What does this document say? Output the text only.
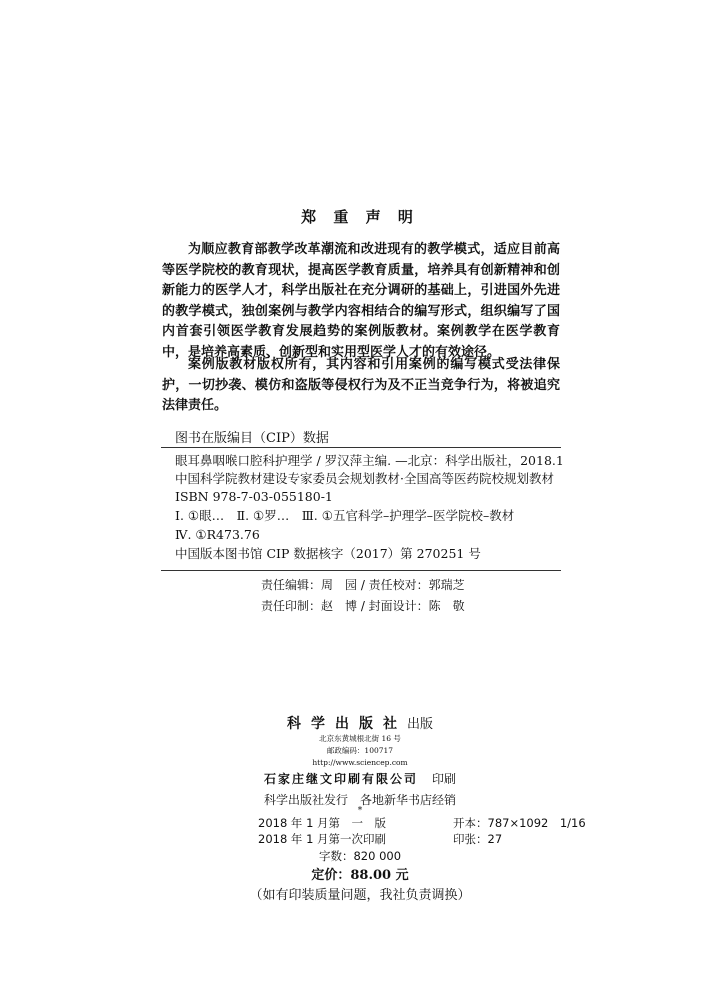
郑 重 声 明
为顺应教育部教学改革潮流和改进现有的教学模式，适应目前高等医学院校的教育现状，提高医学教育质量，培养具有创新精神和创新能力的医学人才，科学出版社在充分调研的基础上，引进国外先进的教学模式，独创案例与教学内容相结合的编写形式，组织编写了国内首套引领医学教育发展趋势的案例版教材。案例教学在医学教育中，是培养高素质、创新型和实用型医学人才的有效途径。
案例版教材版权所有，其内容和引用案例的编写模式受法律保护，一切抄袭、模仿和盗版等侵权行为及不正当竞争行为，将被追究法律责任。
图书在版编目（CIP）数据
眼耳鼻咽喉口腔科护理学 / 罗汉萍主编. —北京：科学出版社，2018.1
中国科学院教材建设专家委员会规划教材·全国高等医药院校规划教材
ISBN 978-7-03-055180-1
Ⅰ. ①眼…　Ⅱ. ①罗…　Ⅲ. ①五官科学–护理学–医学院校–教材
Ⅳ. ①R473.76
中国版本图书馆 CIP 数据核字（2017）第 270251 号
责任编辑：周　园 / 责任校对：郭瑞芝
责任印制：赵　博 / 封面设计：陈　敬
科学出版社出版
北京东黄城根北街 16 号
邮政编码：100717
http://www.sciencep.com
石家庄继文印刷有限公司 印刷
科学出版社发行　各地新华书店经销
*
2018 年 1 月第　一　版	开本：787×1092　1/16
2018 年 1 月第一次印刷	印张：27
字数：820 000
定价：88.00 元
（如有印装质量问题，我社负责调换）
